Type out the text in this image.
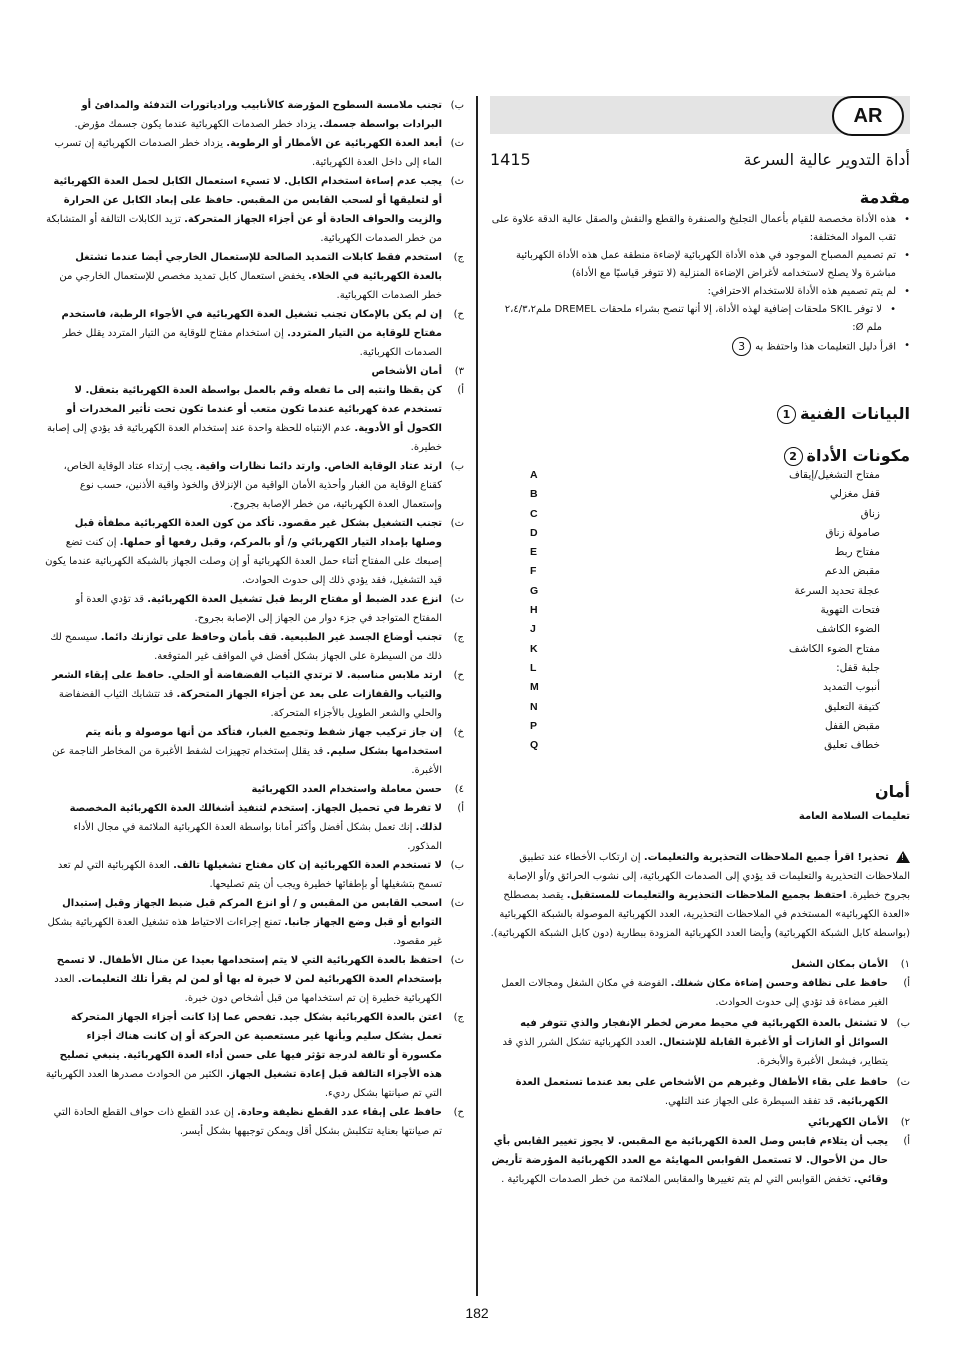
AR
أداة التدوير عالية السرعة
1415
مقدمة
• هذه الأداة مخصصة للقيام بأعمال التجليخ والصنفرة والقطع والنقش والصقل عالية الدقة علاوة على ثقب المواد المختلفة:
• تم تصميم المصباح الموجود في هذه الأداة الكهربائية لإضاءة منطقة عمل هذه الأداة الكهربائية مباشرة ولا يصلح لاستخدامه لأغراض الإضاءة المنزلية (لا تتوفر قياسيًا مع الأداة)
• لم يتم تصميم هذه الأداة للاستخدام الاحترافي:
• لا توفر SKIL ملحقات إضافية لهذه الأداة، إلا أنها تنصح بشراء ملحقات DREMEL ملم٢،٤/٣،٢ ملم Ø:
• اقرأ دليل التعليمات هذا واحتفظ به3
البيانات الفنية1
مكونات الأداة2
مفتاح التشغيل/إيقاف
A
قفل مغزلي
B
زناق
C
صامولة زناق
D
مفتاح ربط
E
مقبض الدعم
F
عجلة تحديد السرعة
G
فتحات التهوية
H
الضوء الكاشف
J
مفتاح الضوء الكاشف
K
جلبة قفل:
L
أنبوب التمديد
M
كتيفة التعليق
N
مقبض القفل
P
خطاف تعليق
Q
أمان

تعليمات السلامة العامة

!
تحذير! اقرأ جميع الملاحظات التحذيرية والتعليمات. إن ارتكاب الأخطاء عند تطبيق الملاحظات التحذيرية والتعليمات قد يؤدي إلى الصدمات الكهربائية، إلى نشوب الحرائق و/أو الإصابة بجروح خطيرة. احتفظ بجميع الملاحظات التحذيرية والتعليمات للمستقبل. يقصد بمصطلح «العدة الكهربائية» المستخدم في الملاحظات التحذيرية، العدد الكهربائية الموصولة بالشبكة الكهربائية (بواسطة كابل الشبكة الكهربائية) وأيضا العدد الكهربائية المزودة ببطارية (دون كابل الشبكة الكهربائية).

١)
الأمان بمكان الشغل

أ)
حافظ على نظافة وحسن إضاءة مكان شغلك. الفوضة في مكان الشغل ومجالات العمل الغير مضاءة قد تؤدي إلى حدوث الحوادث.
ب)
لا تشتغل بالعدة الكهربائية في محيط معرض لخطر الإنفجار والذي تتوفر فيه السوائل أو الغازات أو الأغبرة القابلة للإشتعال. العدد الكهربائية تشكل الشرر الذي قد يتطاير، فيشعل الأغبرة والأبخرة.
ت)
حافظ على بقاء الأطفال وغيرهم من الأشخاص على بعد عندما تستعمل العدة الكهربائية. قد تفقد السيطرة على الجهاز عند التلهي.

٢)
الأمان الكهربائي

أ)
يجب أن يتلاءم قابس وصل العدة الكهربائية مع المقبس. لا يجوز تغيير القابس بأي حال من الأحوال. لا تستعمل القوابس المهايئة مع العدد الكهربائية المؤرضة تأريض وقائي. تخفض القوابس التي لم يتم تغييرها والمقابس الملائمة من خطر الصدمات الكهربائية .
ب)
تجنب ملامسة السطوح المؤرضة كالأنابيب ورادياتورات التدفئة والمدافئ أو البرادات بواسطة جسمك. يزداد خطر الصدمات الكهربائية عندما يكون جسمك مؤرض.
ت)
أبعد العدة الكهربائية عن الأمطار أو الرطوبة. يزداد خطر الصدمات الكهربائية إن تسرب الماء إلى داخل العدة الكهربائية.
ث)
يجب عدم إساءة استخدام الكابل. لا تسيء استعمال الكابل لحمل العدة الكهربائية أو لتعليقها أو لسحب القابس من المقبس. حافظ على إبعاد الكابل عن الحرارة والزيت والحواف الحادة أو عن أجزاء الجهاز المتحركة. تزيد الكابلات التالفة أو المتشابكة من خطر الصدمات الكهربائية.
ج)
استخدم فقط كابلات التمديد الصالحة للإستعمال الخارجي أيضا عندما تشتغل بالعدة الكهربائية في الخلاء. يخفض استعمال كابل تمديد مخصص للإستعمال الخارجي من خطر الصدمات الكهربائية.
ح)
إن لم يكن بالإمكان تجنب تشغيل العدة الكهربائية في الأجواء الرطبة، فاستخدم مفتاح للوقاية من التيار المتردد. إن استخدام مفتاح للوقاية من التيار المتردد يقلل خطر الصدمات الكهربائية.

٣)
أمان الأشخاص

أ)
كن يقظا وانتبه إلى ما تفعله وقم بالعمل بواسطة العدة الكهربائية بتعقل. لا تستخدم عدة كهربائية عندما تكون متعب أو عندما تكون تحت تأثير المخدرات أو الكحول أو الأدوية. عدم الإنتباه للحظة واحدة عند إستخدام العدة الكهربائية قد يؤدي إلى إصابة خطيرة.
ب)
ارتد عتاد الوقاية الخاص. وارتد دائما نظارات واقية. يجب إرتداء عتاد الوقاية الخاص، كقناع الوقاية من الغبار وأحذية الأمان الواقية من الإنزلاق والخوذ واقية الأذنين، حسب نوع وإستعمال العدة الكهربائية، من خطر الإصابة بجروح.
ت)
تجنب التشغيل بشكل غير مقصود. تأكد من كون العدة الكهربائية مطفأة قبل وصلها بإمداد التيار الكهربائي و/ أو بالمركم، وقبل رفعها أو حملها. إن كنت تضع إصبعك على المفتاح أثناء حمل العدة الكهربائية أو إن وصلت الجهاز بالشبكة الكهربائية عندما يكون قيد التشغيل، فقد يؤدي ذلك إلى حدوث الحوادث.
ث)
انزع عدد الضبط أو مفتاح الربط قبل تشغيل العدة الكهربائية. قد تؤدي العدة أو المفتاح المتواجد في جزء دوار من الجهاز إلى الإصابة بجروح.
ج)
تجنب أوضاع الجسد غير الطبيعية. قف بأمان وحافظ على توازنك دائما. سيسمح لك ذلك من السيطرة على الجهاز بشكل أفضل في المواقف غير المتوقعة.
ح)
ارتد ملابس مناسبة. لا ترتدي الثياب الفضفاضة أو الحلي. حافظ على إبقاء الشعر والثياب والقفازات على بعد عن أجزاء الجهاز المتحركة. قد تتشابك الثياب الفضفاضة والحلي والشعر الطويل بالأجزاء المتحركة.
خ)
إن جاز تركيب جهاز شفط وتجميع الغبار، فتأكد من أنها موصولة و بأنه يتم استخدامها بشكل سليم. قد يقلل إستخدام تجهيزات لشفط الأغبرة من المخاطر الناجمة عن الأغبرة.

٤)
حسن معاملة واستخدام العدد الكهربائية

أ)
لا تفرط في تحميل الجهاز. إستخدم لتنفيذ أشغالك العدة الكهربائية المخصصة لذلك. إنك تعمل بشكل أفضل وأكثر أمانا بواسطة العدة الكهربائية الملائمة في مجال الأداء المذكور.
ب)
لا تستخدم العدة الكهربائية إن كان مفتاح تشغيلها تالف. العدة الكهربائية التي لم تعد تسمح بتشغيلها أو بإطفائها خطيرة ويجب أن يتم تصليحها.
ت)
اسحب القابس من المقبس و / أو انزع المركم قبل ضبط الجهاز وقبل إستبدال التوابع أو قبل وضع الجهاز جانبا. تمنع إجراءات الاحتياط هذه تشغيل العدة الكهربائية بشكل غير مقصود.
ث)
احتفظ بالعدة الكهربائية التي لا يتم إستخدامها بعيدا عن منال الأطفال. لا تسمح بإستخدام العدة الكهربائية لمن لا خبرة له بها أو لمن لم يقرأ تلك التعليمات. العدد الكهربائية خطيرة إن تم استخدامها من قبل أشخاص دون خبرة.
ج)
اعتن بالعدة الكهربائية بشكل جيد. تفحص عما إذا كانت أجزاء الجهاز المتحركة تعمل بشكل سليم وبأنها غير مستعصية عن الحركة أو إن كانت هناك أجزاء مكسورة أو تالفة لدرجة تؤثر فيها على حسن أداء العدة الكهربائية. ينبغي تصليح هذه الأجزاء التالفة قبل إعادة تشغيل الجهاز. الكثير من الحوادث مصدرها العدد الكهربائية التي تم صيانتها بشكل رديء.
ح)
حافظ على إبقاء عدد القطع نظيفة وحادة. إن عدد القطع ذات حواف القطع الحادة التي تم صيانتها بعناية تتكلبش بشكل أقل ويمكن توجيهها بشكل أيسر.
182
